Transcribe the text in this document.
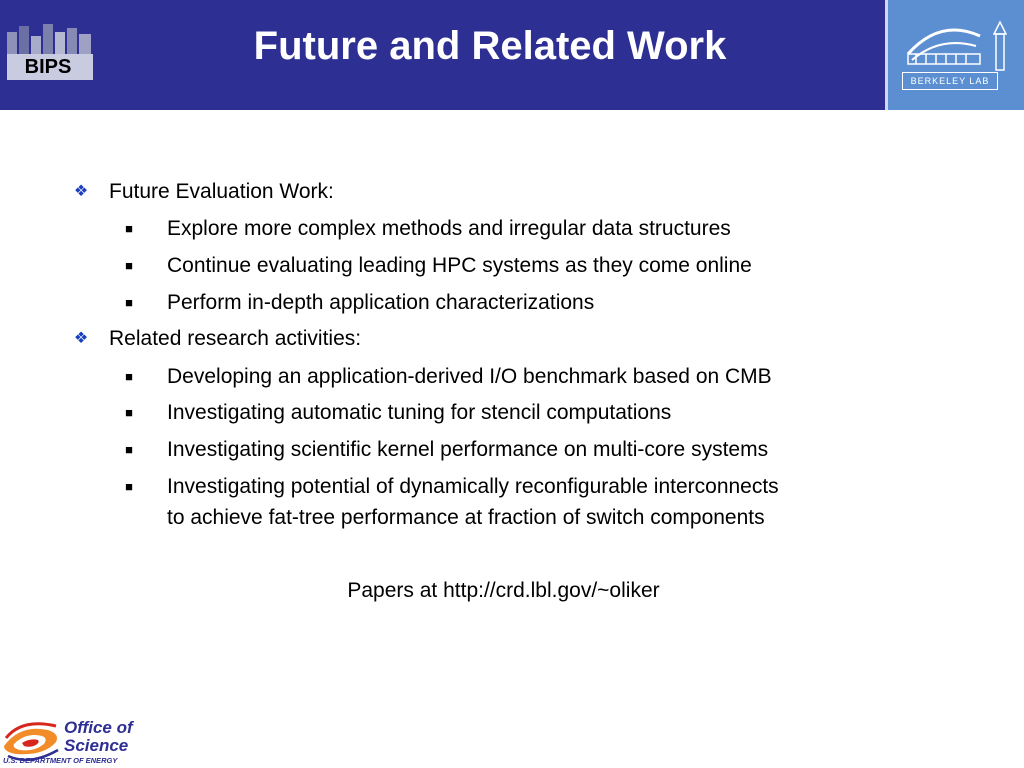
BIPS	Future and Related Work
BERKELEY LAB
❖ Future Evaluation Work:
■ Explore more complex methods and irregular data structures
■ Continue evaluating leading HPC systems as they come online
■ Perform in-depth application characterizations
❖ Related research activities:
■ Developing an application-derived I/O benchmark based on CMB
■ Investigating automatic tuning for stencil computations
■ Investigating scientific kernel performance on multi-core systems
■ Investigating potential of dynamically reconfigurable interconnects
to achieve fat-tree performance at fraction of switch components
Papers at http://crd.lbl.gov/~oliker
Office of
Science
U.S. DEPARTMENT OF ENERGY
